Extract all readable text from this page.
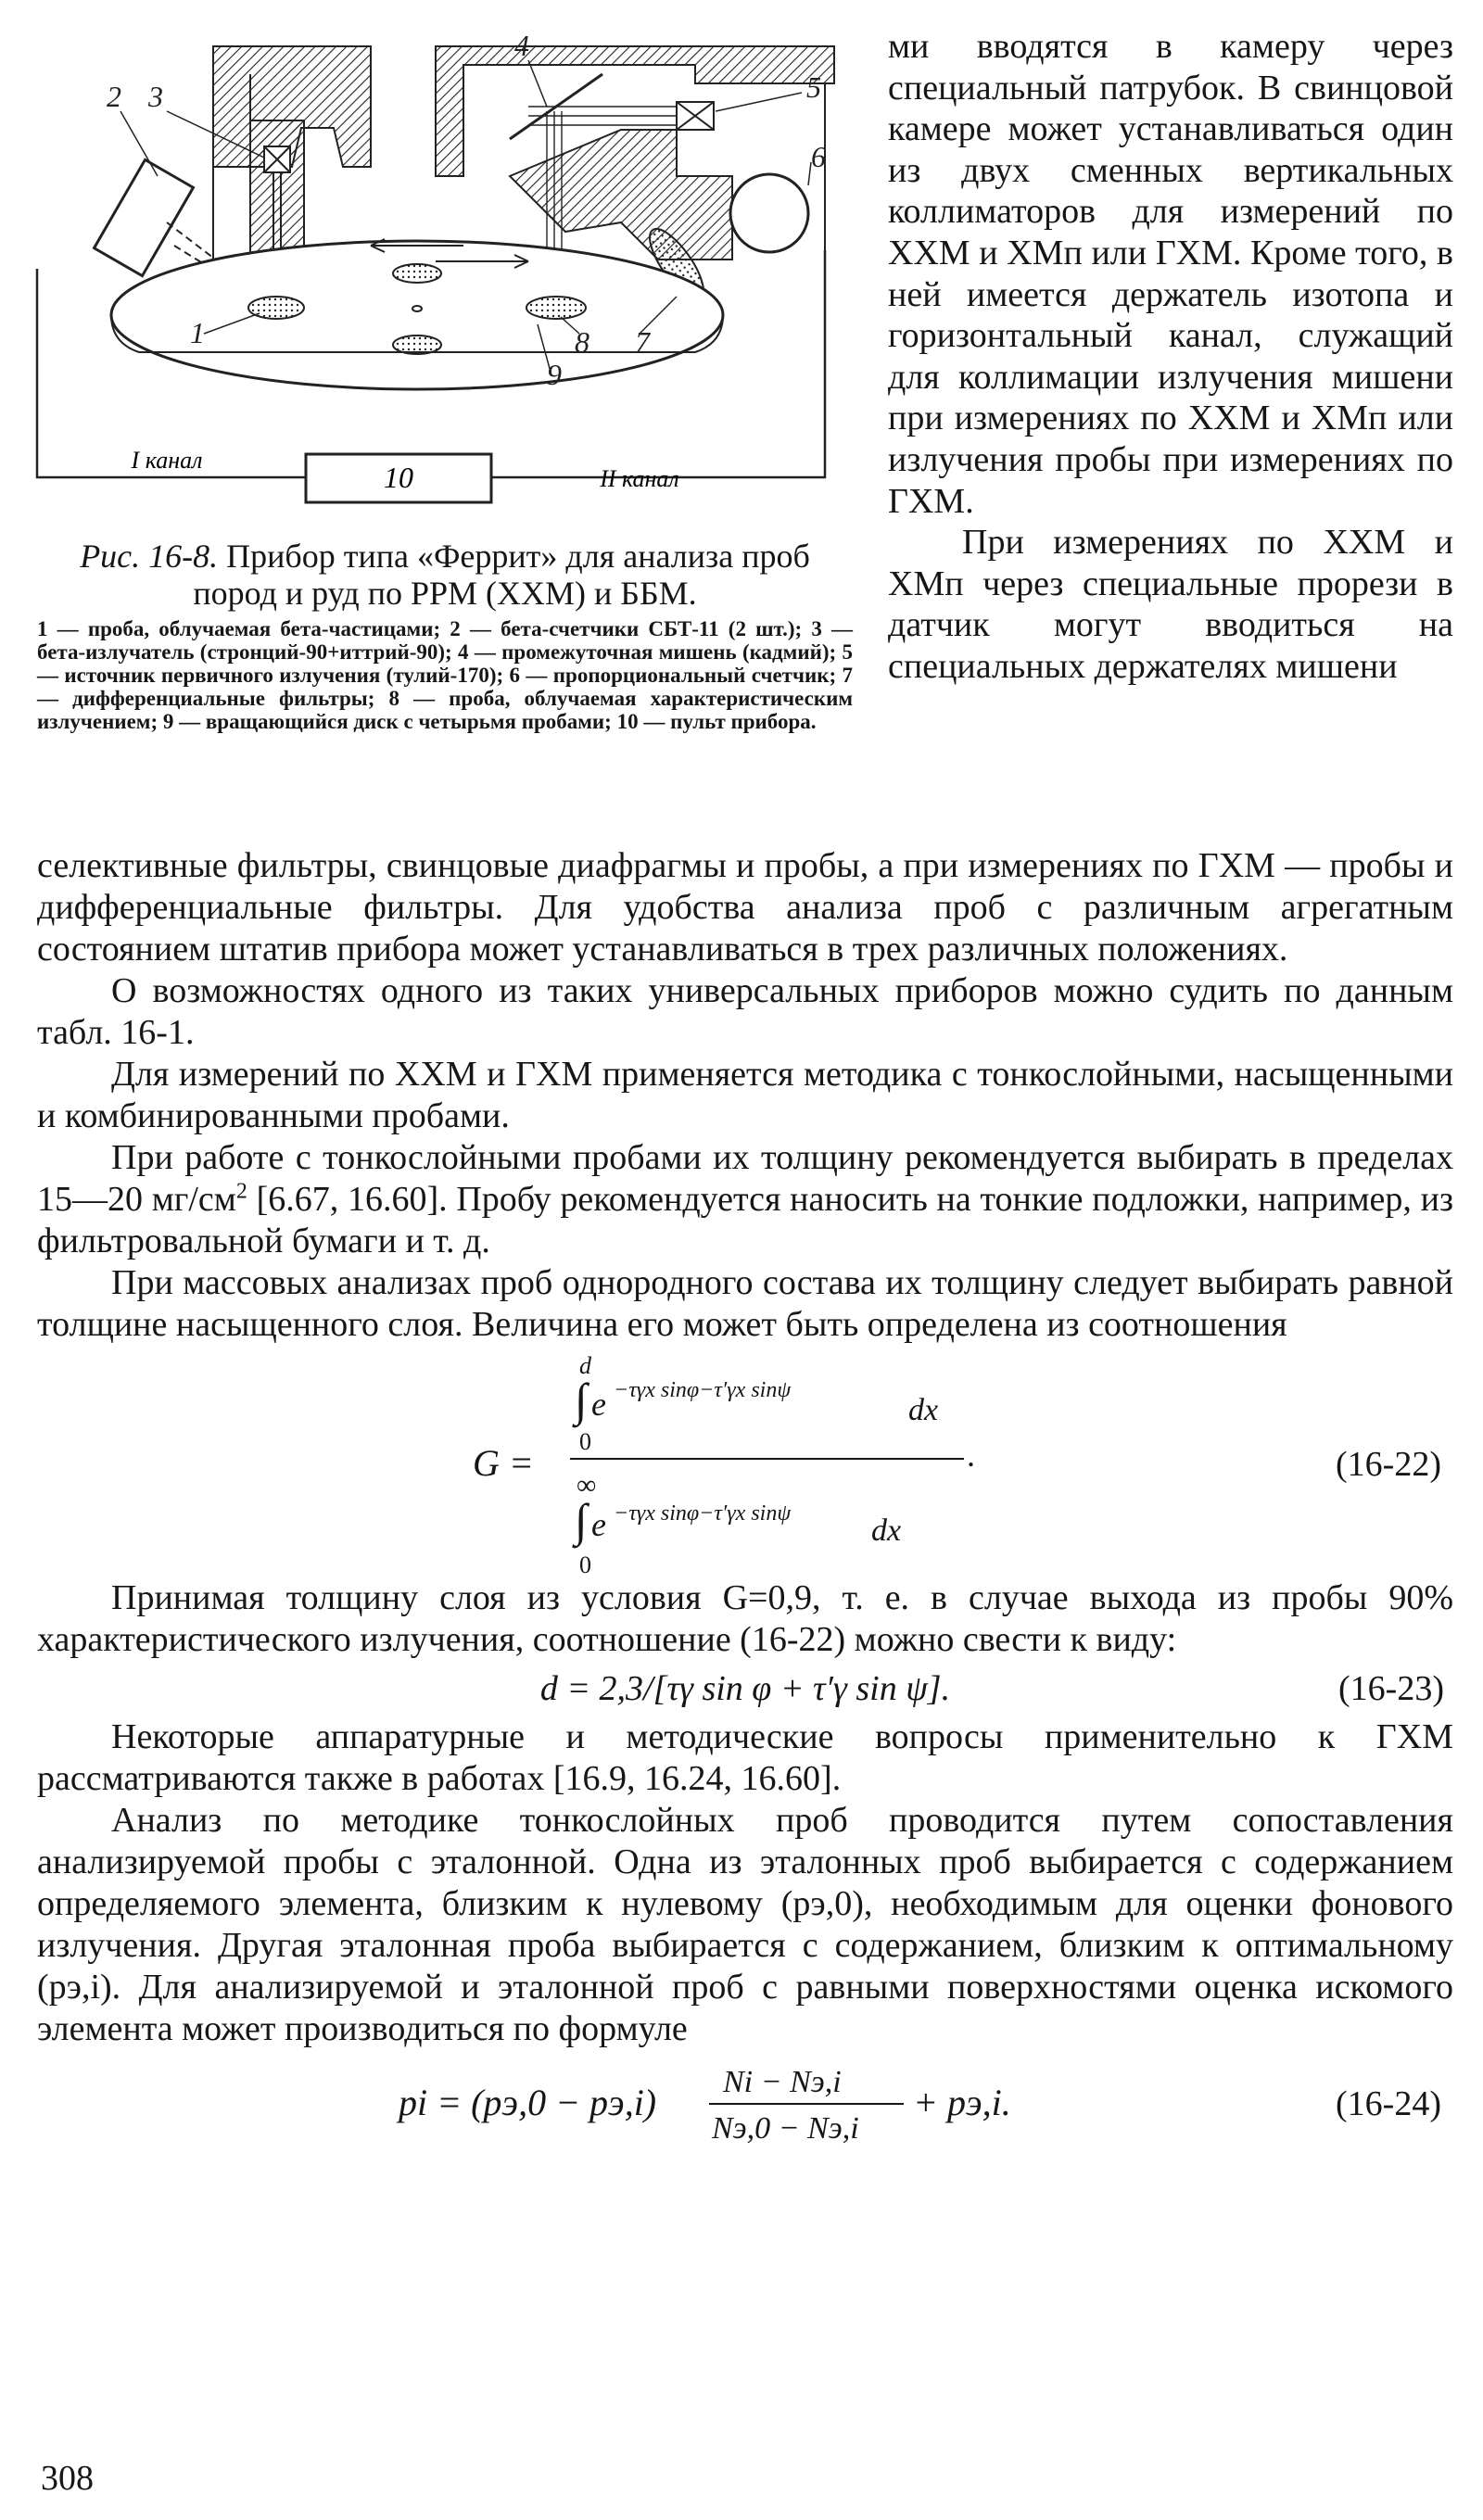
10
I канал
II канал
2 3
4
5
6
7
8
9
1
Рис. 16-8. Прибор типа «Феррит» для анализа проб пород и руд по РРМ (ХХМ) и ББМ.
1 — проба, облучаемая бета-частицами; 2 — бета-счетчики СБТ-11 (2 шт.); 3 — бета-излучатель (стронций-90+иттрий-90); 4 — промежуточная мишень (кадмий); 5 — источник первичного излучения (тулий-170); 6 — пропорциональный счетчик; 7 — дифференциальные фильтры; 8 — проба, облучаемая характеристическим излучением; 9 — вращающийся диск с четырьмя пробами; 10 — пульт прибора.

ми вводятся в камеру через специальный патрубок. В свинцовой камере может устанавливаться один из двух сменных вертикальных коллиматоров для измерений по ХХМ и ХМп или ГХМ. Кроме того, в ней имеется держатель изотопа и горизонтальный канал, служащий для коллимации излучения мишени при измерениях по ХХМ и ХМп или излучения пробы при измерениях по ГХМ.

При измерениях по ХХМ и ХМп через специальные прорези в датчик могут вводиться на специальных держателях мишени

селективные фильтры, свинцовые диафрагмы и пробы, а при измерениях по ГХМ — пробы и дифференциальные фильтры. Для удобства анализа проб с различным агрегатным состоянием штатив прибора может устанавливаться в трех различных положениях.

О возможностях одного из таких универсальных приборов можно судить по данным табл. 16-1.

Для измерений по ХХМ и ГХМ применяется методика с тонкослойными, насыщенными и комбинированными пробами.

При работе с тонкослойными пробами их толщину рекомендуется выбирать в пределах 15—20 $мг/см^2$ [6.67, 16.60]. Пробу рекомендуется наносить на тонкие подложки, например, из фильтровальной бумаги и т. д.

При массовых анализах проб однородного состава их толщину следует выбирать равной толщине насыщенного слоя. Величина его может быть определена из соотношения

G =
d
∫ e −τγx sinφ−τ′γx sinψ
dx
0	.
∞
∫ e −τγx sinφ−τ′γx sinψ	dx
0
(16-22)

Принимая толщину слоя из условия G=0,9, т. е. в случае выхода из пробы 90% характеристического излучения, соотношение (16-22) можно свести к виду:

d = 2,3/[τγ sin φ + τ′γ sin ψ].	(16-23)

Некоторые аппаратурные и методические вопросы применительно к ГХМ рассматриваются также в работах [16.9, 16.24, 16.60].

Анализ по методике тонкослойных проб проводится путем сопоставления анализируемой пробы с эталонной. Одна из эталонных проб выбирается с содержанием определяемого элемента, близким к нулевому (pэ,0), необходимым для оценки фонового излучения. Другая эталонная проба выбирается с содержанием, близким к оптимальному (pэ,i). Для анализируемой и эталонной проб с равными поверхностями оценка искомого элемента может производиться по формуле

pi = (pэ,0 − pэ,i) Ni − Nэ,i
Nэ,0 − Nэ,i
+ pэ,i.	(16-24)
308
